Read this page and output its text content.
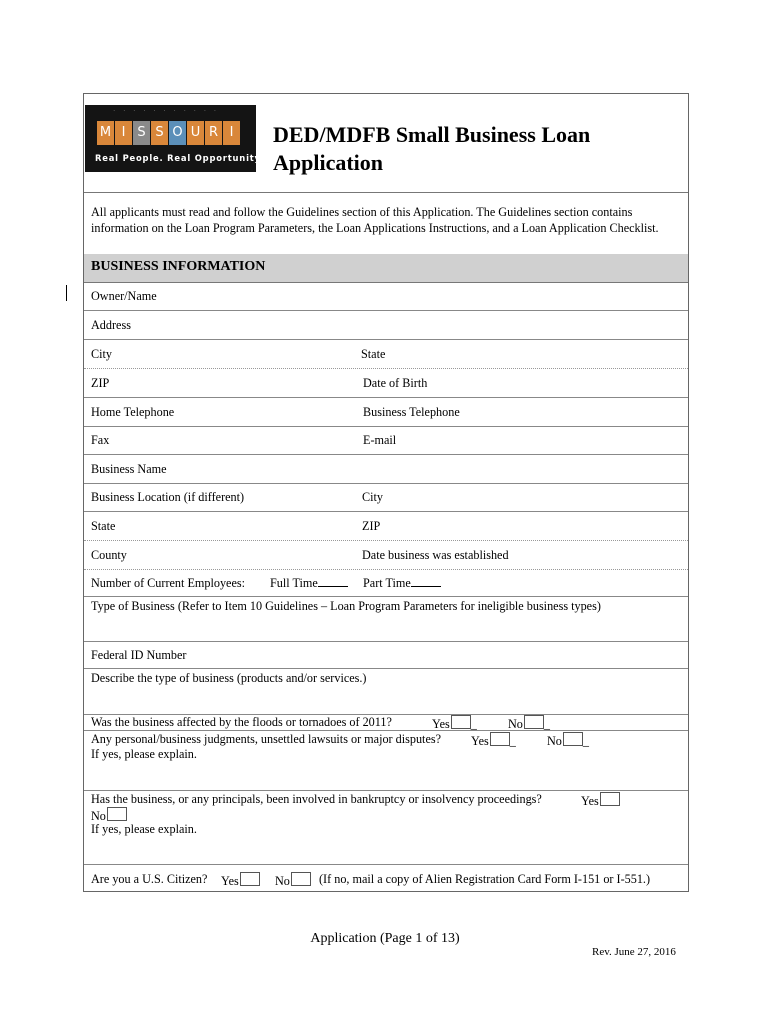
· · · · · · · · · · ·
M I S S O U R I
Real People. Real Opportunity.
DED/MDFB Small Business Loan
Application

All applicants must read and follow the Guidelines section of this Application. The Guidelines section contains information on the Loan Program Parameters, the Loan Applications Instructions, and a Loan Application Checklist.

BUSINESS INFORMATION
Owner/Name
Address
City	State
ZIP	Date of Birth
Home Telephone	Business Telephone
Fax	E-mail
Business Name
Business Location (if different)	City
State	ZIP
County	Date business was established
Number of Current Employees: Full Time	Part Time
Type of Business (Refer to Item 10 Guidelines – Loan Program Parameters for ineligible business types)
Federal ID Number
Describe the type of business (products and/or services.)
Was the business affected by the floods or tornadoes of 2011?	Yes _	No _
Any personal/business judgments, unsettled lawsuits or major disputes? Yes _	No _
If yes, please explain.
Has the business, or any principals, been involved in bankruptcy or insolvency proceedings?	Yes
No
If yes, please explain.
Are you a U.S. Citizen? Yes	No	(If no, mail a copy of Alien Registration Card Form I-151 or I-551.)
Application (Page 1 of 13)
Rev. June 27, 2016
